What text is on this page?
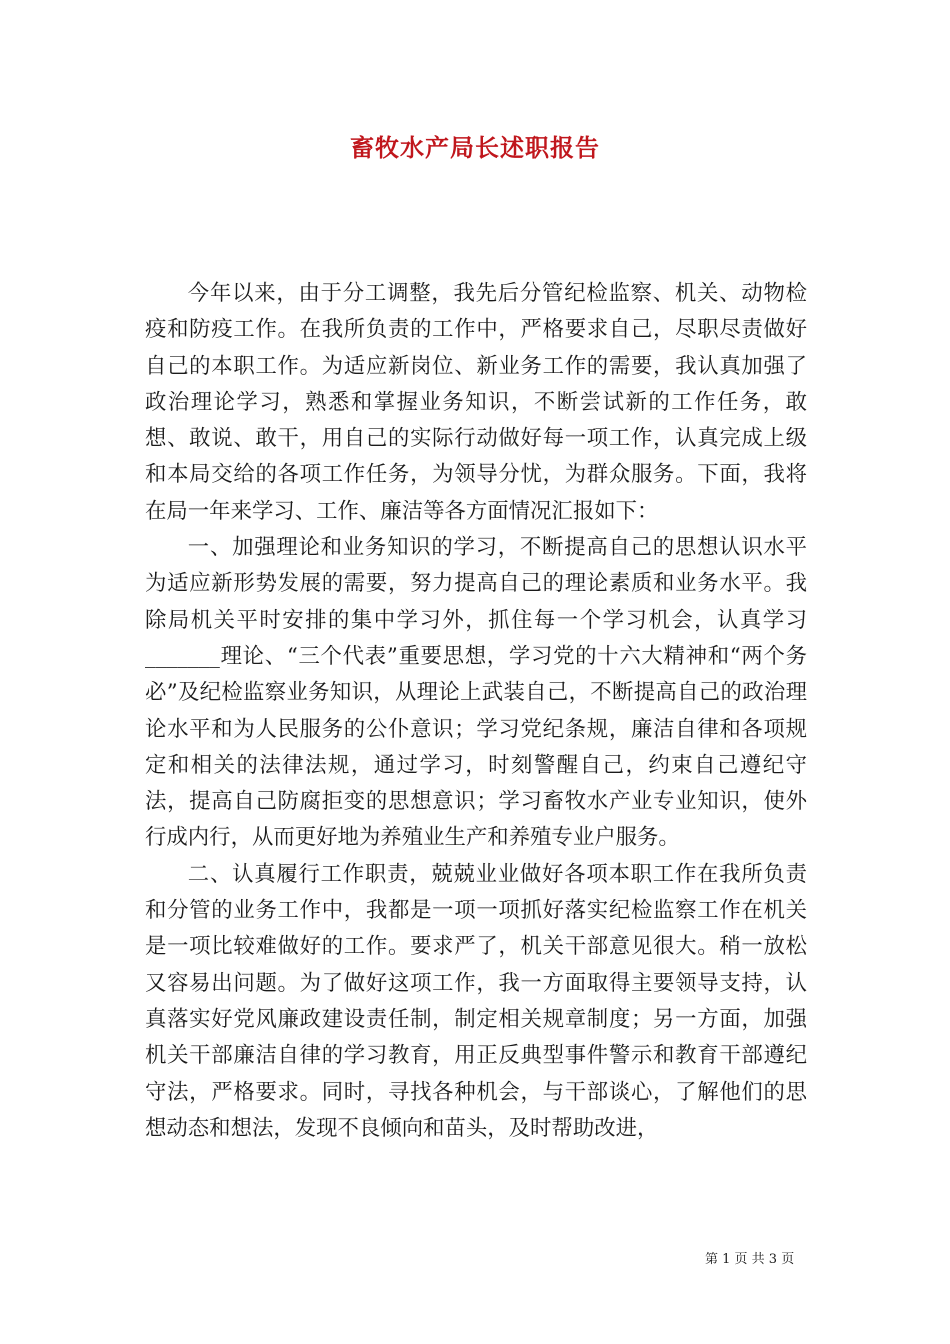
畜牧水产局长述职报告

今年以来，由于分工调整，我先后分管纪检监察、机关、动物检疫和防疫工作。在我所负责的工作中，严格要求自己，尽职尽责做好自己的本职工作。为适应新岗位、新业务工作的需要，我认真加强了政治理论学习，熟悉和掌握业务知识，不断尝试新的工作任务，敢想、敢说、敢干，用自己的实际行动做好每一项工作，认真完成上级和本局交给的各项工作任务，为领导分忧，为群众服务。下面，我将在局一年来学习、工作、廉洁等各方面情况汇报如下：

一、加强理论和业务知识的学习，不断提高自己的思想认识水平为适应新形势发展的需要，努力提高自己的理论素质和业务水平。我除局机关平时安排的集中学习外，抓住每一个学习机会，认真学习_______理论、“三个代表”重要思想，学习党的十六大精神和“两个务必”及纪检监察业务知识，从理论上武装自己，不断提高自己的政治理论水平和为人民服务的公仆意识；学习党纪条规，廉洁自律和各项规定和相关的法律法规，通过学习，时刻警醒自己，约束自己遵纪守法，提高自己防腐拒变的思想意识；学习畜牧水产业专业知识，使外行成内行，从而更好地为养殖业生产和养殖专业户服务。

二、认真履行工作职责，兢兢业业做好各项本职工作在我所负责和分管的业务工作中，我都是一项一项抓好落实纪检监察工作在机关是一项比较难做好的工作。要求严了，机关干部意见很大。稍一放松又容易出问题。为了做好这项工作，我一方面取得主要领导支持，认真落实好党风廉政建设责任制，制定相关规章制度；另一方面，加强机关干部廉洁自律的学习教育，用正反典型事件警示和教育干部遵纪守法，严格要求。同时，寻找各种机会，与干部谈心，了解他们的思想动态和想法，发现不良倾向和苗头，及时帮助改进，

第 1 页 共 3 页
